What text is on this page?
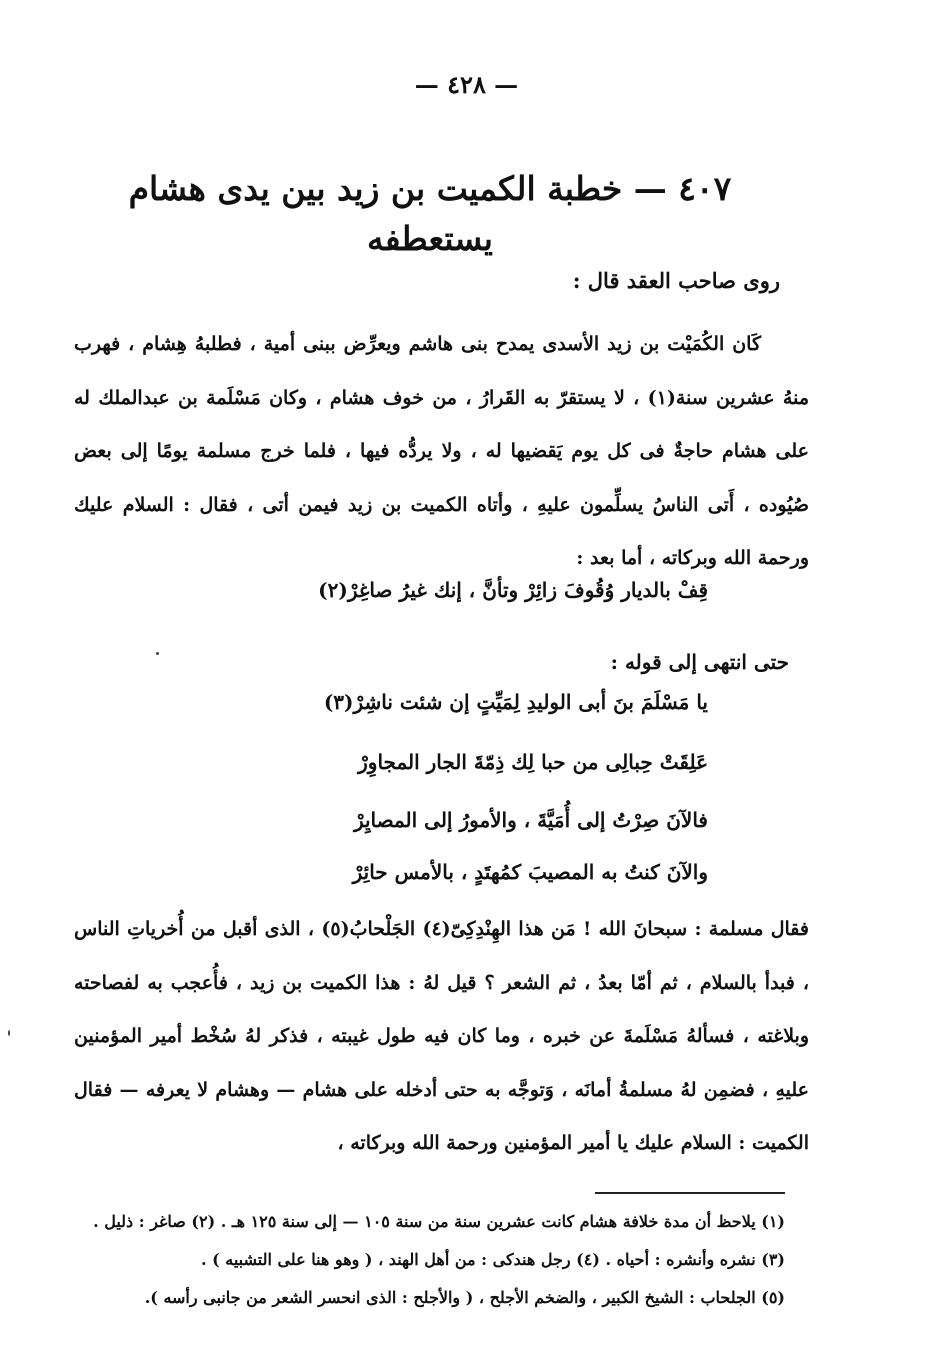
— ٤٢٨ —
٤٠٧ — خطبة الكميت بن زيد بين يدى هشام يستعطفه
روى صاحب العقد قال :

كَان الكُمَيْت بن زيد الأسدى يمدح بنى هاشم ويعرِّض ببنى أمية ، فطلبهُ هِشام ، فهرب منهُ عشرين سنة(١) ، لا يستقرّ به القَرارُ ، من خوف هشام ، وكان مَسْلَمة بن عبدالملك له على هشام حاجةٌ فى كل يوم يَقضيها له ، ولا يردُّه فيها ، فلما خرج مسلمة يومًا إلى بعض صُيُوده ، أَتى الناسُ يسلِّمون عليهِ ، وأتاه الكميت بن زيد فيمن أتى ، فقال : السلام عليك ورحمة الله وبركاته ، أما بعد :

قِفْ بالديار وُقُوفَ زائِرْ وتأنَّ ، إنك غيرُ صاغِرْ(٢)
حتى انتهى إلى قوله :
يا مَسْلَمَ بنَ أبى الوليدِ لِمَيِّتٍ إن شئت ناشِرْ(٣)
عَلِقَتْ حِبالِى من حبا لِك ذِمّةَ الجار المجاوِرْ
فالآنَ صِرْتُ إلى أُمَيَّةَ ، والأمورُ إلى المصايِرْ
والآنَ كنتُ به المصيبَ كمُهتَدٍ ، بالأمس حائِرْ

فقال مسلمة : سبحانَ الله ! مَن هذا الهِنْدِكِىّ(٤) الجَلْحابُ(٥) ، الذى أقبل من أُخرياتِ الناس ، فبدأ بالسلام ، ثم أمّا بعدُ ، ثم الشعر ؟ قيل لهُ : هذا الكميت بن زيد ، فأُعجب به لفصاحته وبلاغته ، فسألهُ مَسْلَمةَ عن خبره ، وما كان فيه طول غيبته ، فذكر لهُ سُخْط أمير المؤمنين عليهِ ، فضمِن لهُ مسلمةُ أمانَه ، وَتوجَّه به حتى أدخله على هشام — وهشام لا يعرفه — فقال الكميت : السلام عليك يا أمير المؤمنين ورحمة الله وبركاته ،

(١) يلاحظ أن مدة خلافة هشام كانت عشرين سنة من سنة ١٠٥ — إلى سنة ١٢٥ هـ . (٢) صاغر : ذليل .
(٣) نشره وأنشره : أحياه . (٤) رجل هندكى : من أهل الهند ، ( وهو هنا على التشبيه ) .
(٥) الجلحاب : الشيخ الكبير ، والضخم الأجلح ، ( والأجلح : الذى انحسر الشعر من جانبى رأسه ).
